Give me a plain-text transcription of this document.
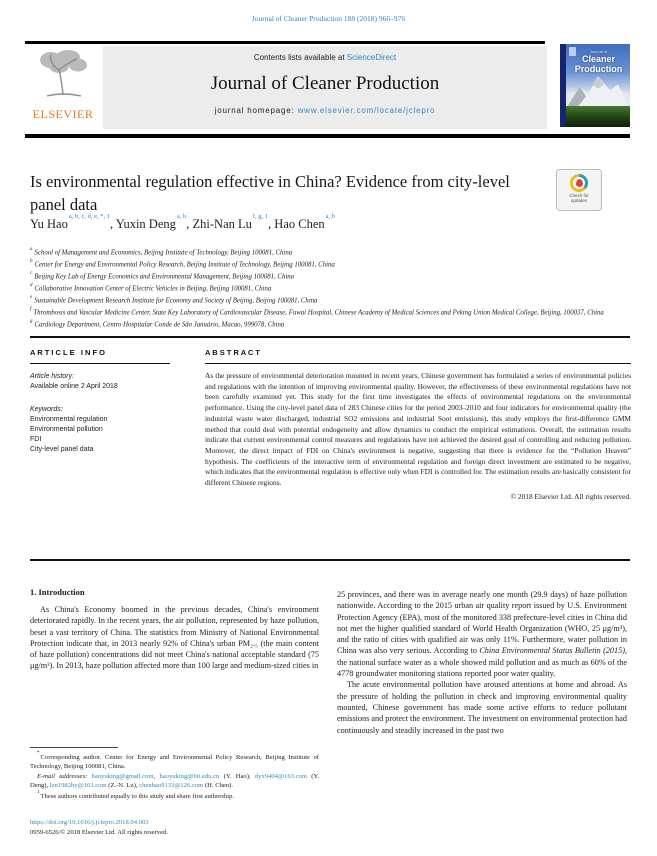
Journal of Cleaner Production 188 (2018) 966–976
ELSEVIER
Contents lists available at ScienceDirect
Journal of Cleaner Production
journal homepage: www.elsevier.com/locate/jclepro
Journal of
Cleaner
Production
Is environmental regulation effective in China? Evidence from city-level panel data	Check for
updates
Yu Hao$^{a, b, c, d, e, *, 1}$, Yuxin Deng$^{a, b}$, Zhi-Nan Lu$^{f, g, 1}$, Hao Chen$^{a, b}$
$^a$ School of Management and Economics, Beijing Institute of Technology, Beijing 100081, China
$^b$ Center for Energy and Environmental Policy Research, Beijing Institute of Technology, Beijing 100081, China
$^c$ Beijing Key Lab of Energy Economics and Environmental Management, Beijing 100081, China
$^d$ Collaborative Innovation Center of Electric Vehicles in Beijing, Beijing 100081, China
$^e$ Sustainable Development Research Institute for Economy and Society of Beijing, Beijing 100081, China
$^f$ Thrombosis and Vascular Medicine Center, State Key Laboratory of Cardiovascular Disease, Fuwai Hospital, Chinese Academy of Medical Sciences and Peking Union Medical College, Beijing, 100037, China
$^g$ Cardiology Department, Centro Hospitalar Conde de São Januário, Macao, 999078, China
A R T I C L E   I N F O
Article history:
Available online 2 April 2018
Keywords:
Environmental regulation
Environmental pollution
FDI
City-level panel data
A B S T R A C T

As the pressure of environmental deterioration mounted in recent years, Chinese government has formulated a series of environmental policies and regulations with the intention of improving environmental quality. However, the effectiveness of these environmental regulations have not been carefully examined yet. This study for the first time investigates the effects of environmental regulations on the environmental performance. Using the city-level panel data of 283 Chinese cities for the period 2003–2010 and four indicators for environmental quality (the industrial waste water discharged, industrial SO2 emissions and industrial Soot emissions), this study employs the first-difference GMM method that could deal with potential endogeneity and allow dynamics to conduct the empirical estimations. Overall, the estimation results indicate that current environmental control measures and regulations have not achieved the desired goal of controlling and reducing pollution. Moreover, the direct impact of FDI on China's environment is negative, suggesting that there is evidence for the “Pollution Heaven” hypothesis. The coefficients of the interactive term of environmental regulation and foreign direct investment are estimated to be negative, which indicates that the environmental regulation is effective only when FDI is controlled for. The estimation results are basically consistent for different Chinese regions.

© 2018 Elsevier Ltd. All rights reserved.
1. Introduction

As China's Economy boomed in the previous decades, China's environment deteriorated rapidly. In the recent years, the air pollution, represented by haze pollution, beset a vast territory of China. The statistics from Ministry of National Environmental Protection indicate that, in 2013 nearly 92% of China's urban PM₂.₅ (the main content of haze pollution) concentrations did not meet China's national acceptable standard (75 μg/m³). In 2013, haze pollution affected more than 100 large and medium-sized cities in

25 provinces, and there was in average nearly one month (29.9 days) of haze pollution nationwide. According to the 2015 urban air quality report issued by U.S. Environment Protection Agency (EPA), most of the monitored 338 prefecture-level cities in China did not met the higher qualified standard of World Health Organization (WHO, 25 μg/m³), and the ratio of cities with qualified air was only 11%. Furthermore, water pollution in China was also very serious. According to China Environmental Status Bulletin (2015), the national surface water as a whole showed mild pollution and as much as 60% of the 4778 groundwater monitoring stations reported poor water quality.

The acute environmental pollution have aroused attentions at home and abroad. As the pressure of holding the pollution in check and improving environmental quality mounted, Chinese government has made some active efforts to reduce pollutant emissions and protect the environment. The investment on environmental protection had continuously and steadily increased in the past two

*Corresponding author. Center for Energy and Environmental Policy Research, Beijing Institute of Technology, Beijing 100081, China.

E-mail addresses: haoyuking@gmail.com, haoyuking@bit.edu.cn (Y. Hao), dyx9404@163.com (Y. Deng), lzn1982hy@163.com (Z.-N. Lu), chenhao9133@126.com (H. Chen).

$^1$These authors contributed equally to this study and share first authorship.

https://doi.org/10.1016/j.jclepro.2018.04.003
0959-6526/© 2018 Elsevier Ltd. All rights reserved.
